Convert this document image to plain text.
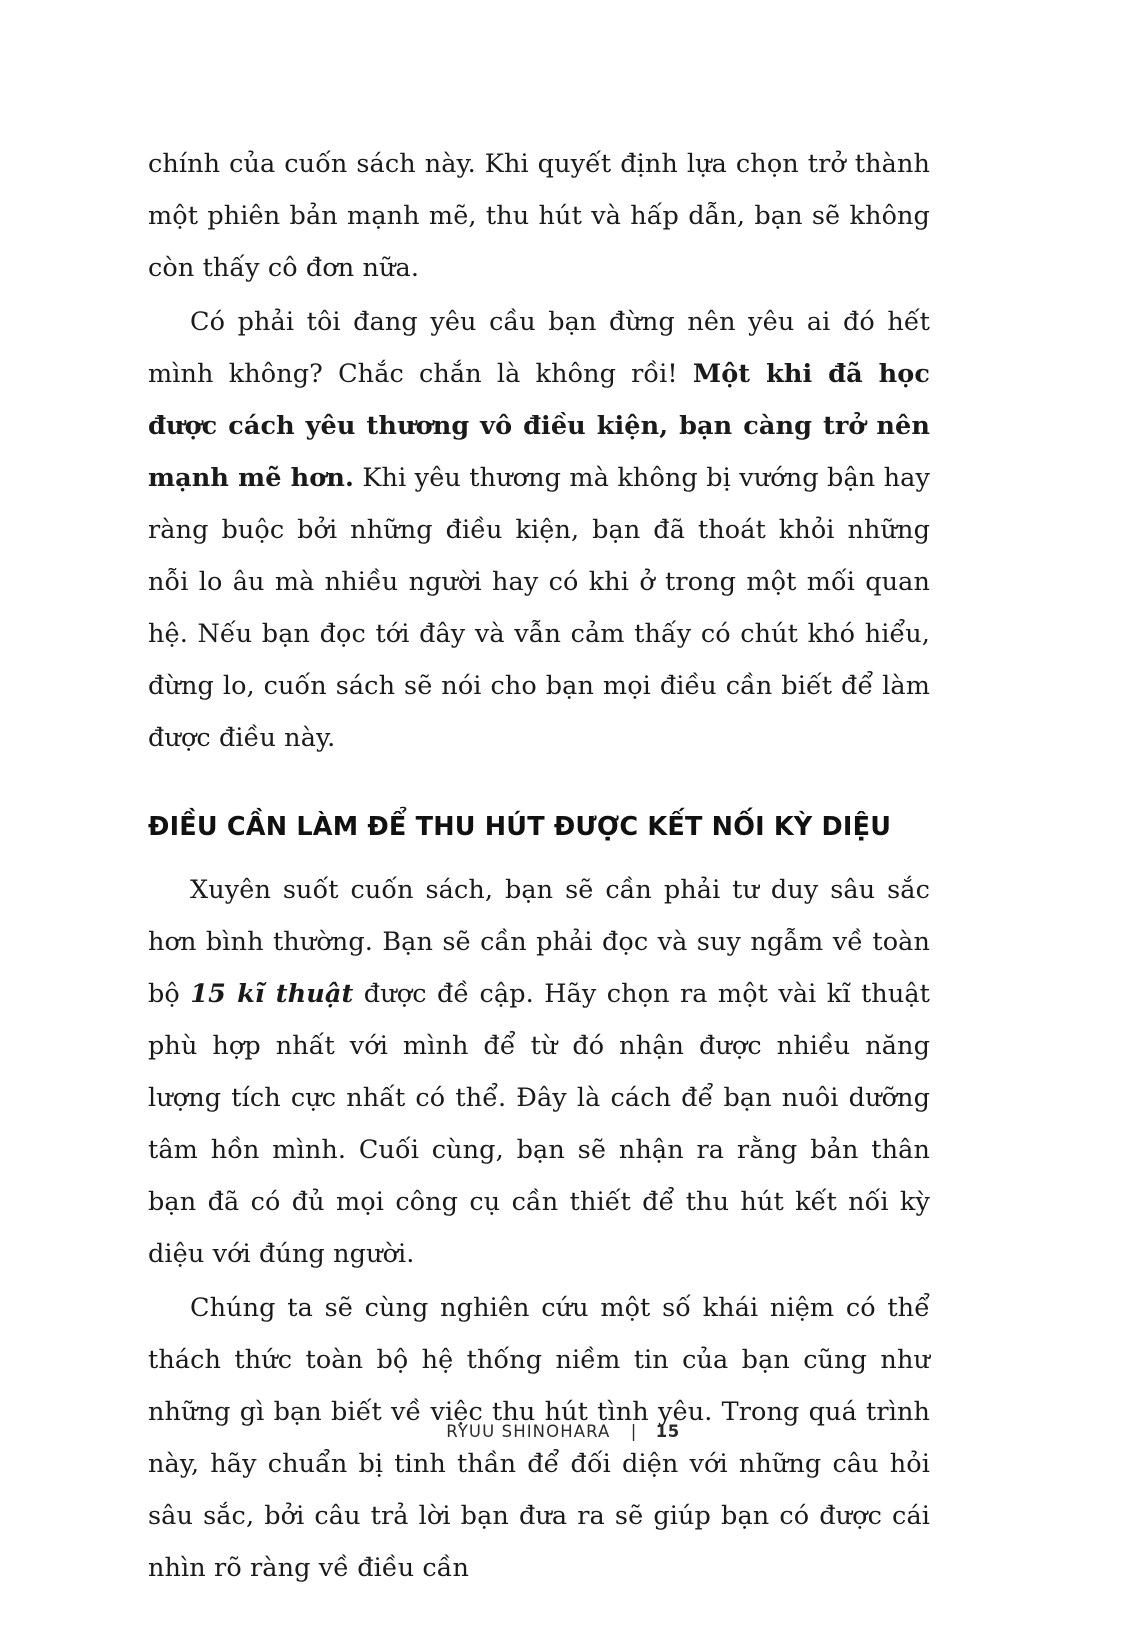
chính của cuốn sách này. Khi quyết định lựa chọn trở thành một phiên bản mạnh mẽ, thu hút và hấp dẫn, bạn sẽ không còn thấy cô đơn nữa.

Có phải tôi đang yêu cầu bạn đừng nên yêu ai đó hết mình không? Chắc chắn là không rồi! Một khi đã học được cách yêu thương vô điều kiện, bạn càng trở nên mạnh mẽ hơn. Khi yêu thương mà không bị vướng bận hay ràng buộc bởi những điều kiện, bạn đã thoát khỏi những nỗi lo âu mà nhiều người hay có khi ở trong một mối quan hệ. Nếu bạn đọc tới đây và vẫn cảm thấy có chút khó hiểu, đừng lo, cuốn sách sẽ nói cho bạn mọi điều cần biết để làm được điều này.

ĐIỀU CẦN LÀM ĐỂ THU HÚT ĐƯỢC KẾT NỐI KỲ DIỆU

Xuyên suốt cuốn sách, bạn sẽ cần phải tư duy sâu sắc hơn bình thường. Bạn sẽ cần phải đọc và suy ngẫm về toàn bộ 15 kĩ thuật được đề cập. Hãy chọn ra một vài kĩ thuật phù hợp nhất với mình để từ đó nhận được nhiều năng lượng tích cực nhất có thể. Đây là cách để bạn nuôi dưỡng tâm hồn mình. Cuối cùng, bạn sẽ nhận ra rằng bản thân bạn đã có đủ mọi công cụ cần thiết để thu hút kết nối kỳ diệu với đúng người.

Chúng ta sẽ cùng nghiên cứu một số khái niệm có thể thách thức toàn bộ hệ thống niềm tin của bạn cũng như những gì bạn biết về việc thu hút tình yêu. Trong quá trình này, hãy chuẩn bị tinh thần để đối diện với những câu hỏi sâu sắc, bởi câu trả lời bạn đưa ra sẽ giúp bạn có được cái nhìn rõ ràng về điều cần

RYUU SHINOHARA | 15
